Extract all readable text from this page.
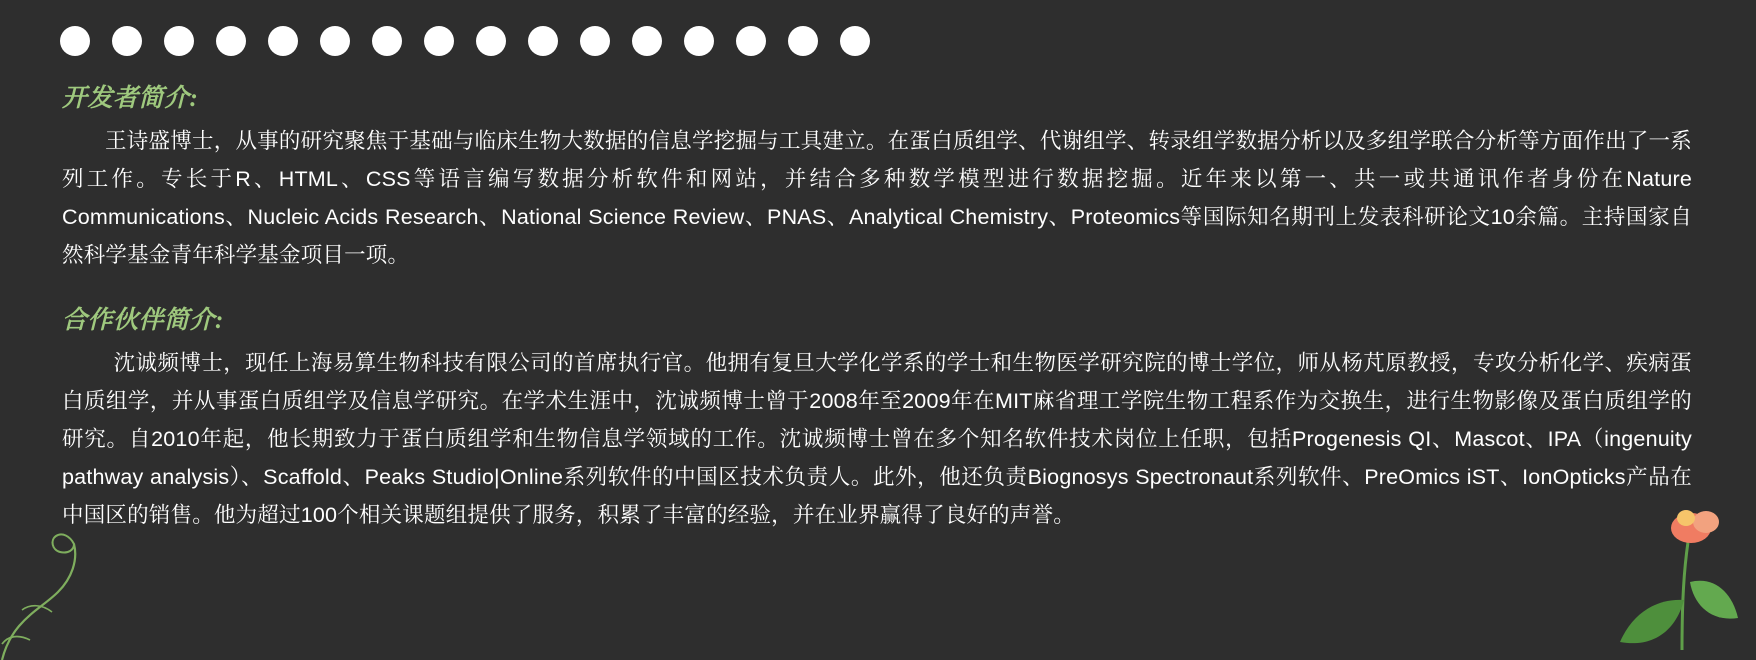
开发者简介:

王诗盛博士，从事的研究聚焦于基础与临床生物大数据的信息学挖掘与工具建立。在蛋白质组学、代谢组学、转录组学数据分析以及多组学联合分析等方面作出了一系列工作。专长于R、HTML、CSS等语言编写数据分析软件和网站，并结合多种数学模型进行数据挖掘。近年来以第一、共一或共通讯作者身份在Nature Communications、Nucleic Acids Research、National Science Review、PNAS、Analytical Chemistry、Proteomics等国际知名期刊上发表科研论文10余篇。主持国家自然科学基金青年科学基金项目一项。

合作伙伴简介:

沈诚频博士，现任上海易算生物科技有限公司的首席执行官。他拥有复旦大学化学系的学士和生物医学研究院的博士学位，师从杨芃原教授，专攻分析化学、疾病蛋白质组学，并从事蛋白质组学及信息学研究。在学术生涯中，沈诚频博士曾于2008年至2009年在MIT麻省理工学院生物工程系作为交换生，进行生物影像及蛋白质组学的研究。自2010年起，他长期致力于蛋白质组学和生物信息学领域的工作。沈诚频博士曾在多个知名软件技术岗位上任职，包括Progenesis QI、Mascot、IPA（ingenuity pathway analysis）、Scaffold、Peaks Studio|Online系列软件的中国区技术负责人。此外，他还负责Biognosys Spectronaut系列软件、PreOmics iST、IonOpticks产品在中国区的销售。他为超过100个相关课题组提供了服务，积累了丰富的经验，并在业界赢得了良好的声誉。
